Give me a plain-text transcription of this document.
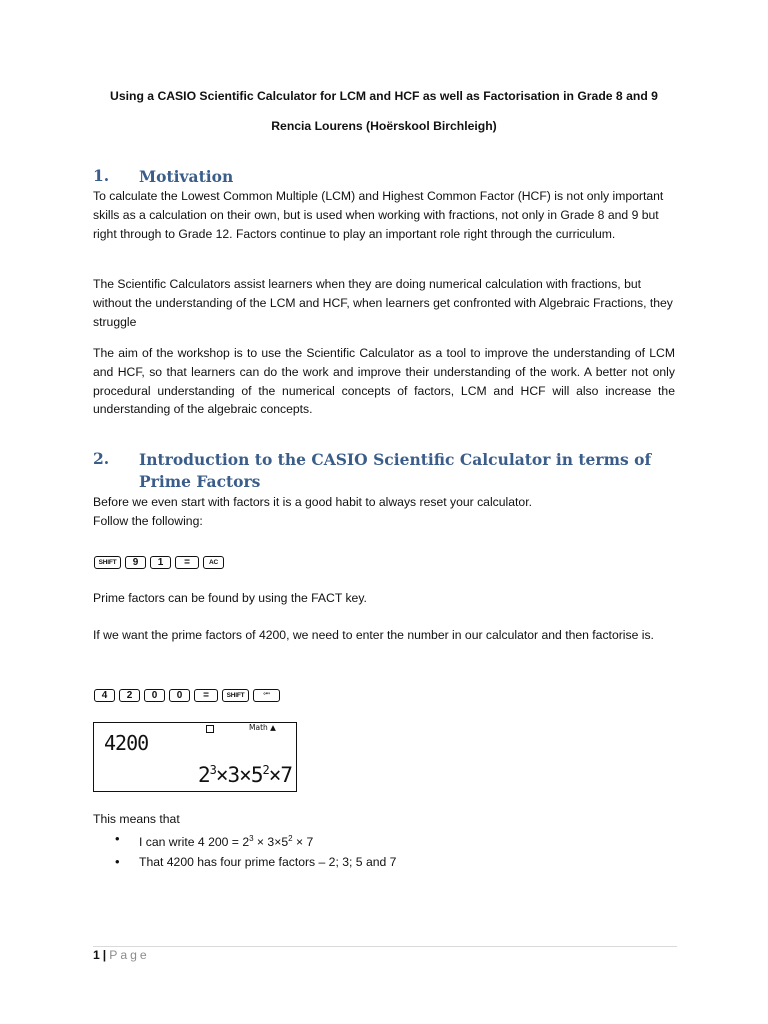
Using a CASIO Scientific Calculator for LCM and HCF as well as Factorisation in Grade 8 and 9

Rencia Lourens (Hoërskool Birchleigh)

1. Motivation

To calculate the Lowest Common Multiple (LCM) and Highest Common Factor (HCF) is not only important skills as a calculation on their own, but is used when working with fractions, not only in Grade 8 and 9 but right through to Grade 12. Factors continue to play an important role right through the curriculum.

The Scientific Calculators assist learners when they are doing numerical calculation with fractions, but without the understanding of the LCM and HCF, when learners get confronted with Algebraic Fractions, they struggle

The aim of the workshop is to use the Scientific Calculator as a tool to improve the understanding of LCM and HCF, so that learners can do the work and improve their understanding of the work. A better not only procedural understanding of the numerical concepts of factors, LCM and HCF will also increase the understanding of the algebraic concepts.

2. Introduction to the CASIO Scientific Calculator in terms of Prime Factors

Before we even start with factors it is a good habit to always reset your calculator.

Follow the following:

SHIFT	9	1	=	AC

Prime factors can be found by using the FACT key.

If we want the prime factors of 4200, we need to enter the number in our calculator and then factorise is.

4	2	0	0	=	SHIFT	°'''
Math ▲
4200
$2^3\times 3\times 5^2\times 7$

This means that

• I can write 4 $200 = 2^3 \times 3\times 5^2 \times 7$
• That 4200 has four prime factors – 2; 3; 5 and 7
1 | Page
